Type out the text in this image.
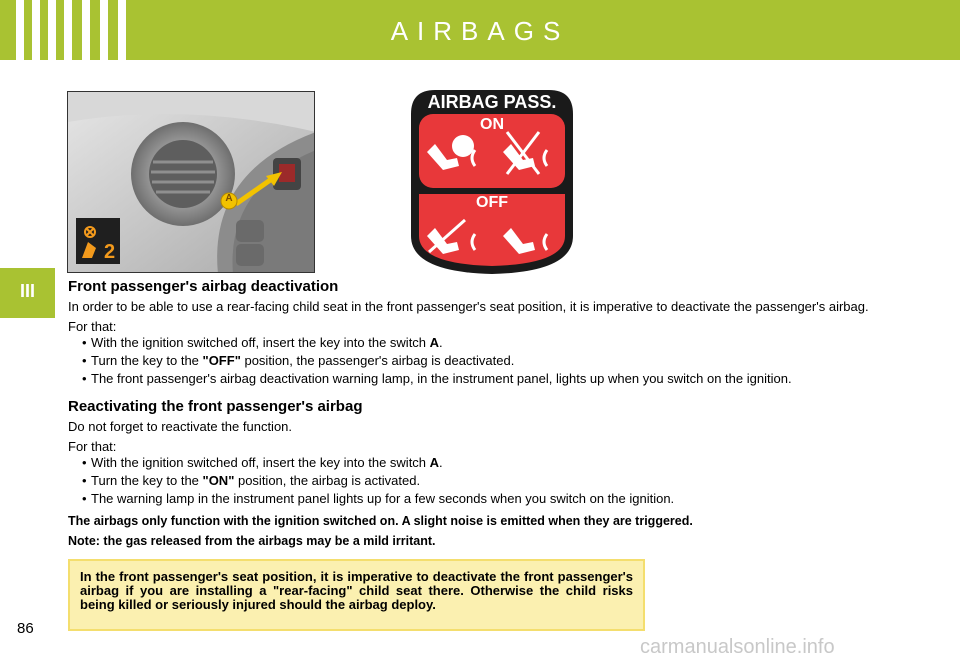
AIRBAGS
III
2
A
AIRBAG PASS.
ON
OFF
Front passenger's airbag deactivation

In order to be able to use a rear-facing child seat in the front passenger's seat position, it is imperative to deactivate the passenger's airbag.

For that:

• With the ignition switched off, insert the key into the switch A.
• Turn the key to the "OFF" position, the passenger's airbag is deactivated.
• The front passenger's airbag deactivation warning lamp, in the instrument panel, lights up when you switch on the ignition.
Reactivating the front passenger's airbag

Do not forget to reactivate the function.

For that:

• With the ignition switched off, insert the key into the switch A.
• Turn the key to the "ON" position, the airbag is activated.
• The warning lamp in the instrument panel lights up for a few seconds when you switch on the ignition.

The airbags only function with the ignition switched on. A slight noise is emitted when they are triggered.

Note: the gas released from the airbags may be a mild irritant.

In the front passenger's seat position, it is imperative to deactivate the front passenger's airbag if you are installing a "rear-facing" child seat there. Otherwise the child risks being killed or seriously injured should the airbag deploy.
86
carmanualsonline.info
